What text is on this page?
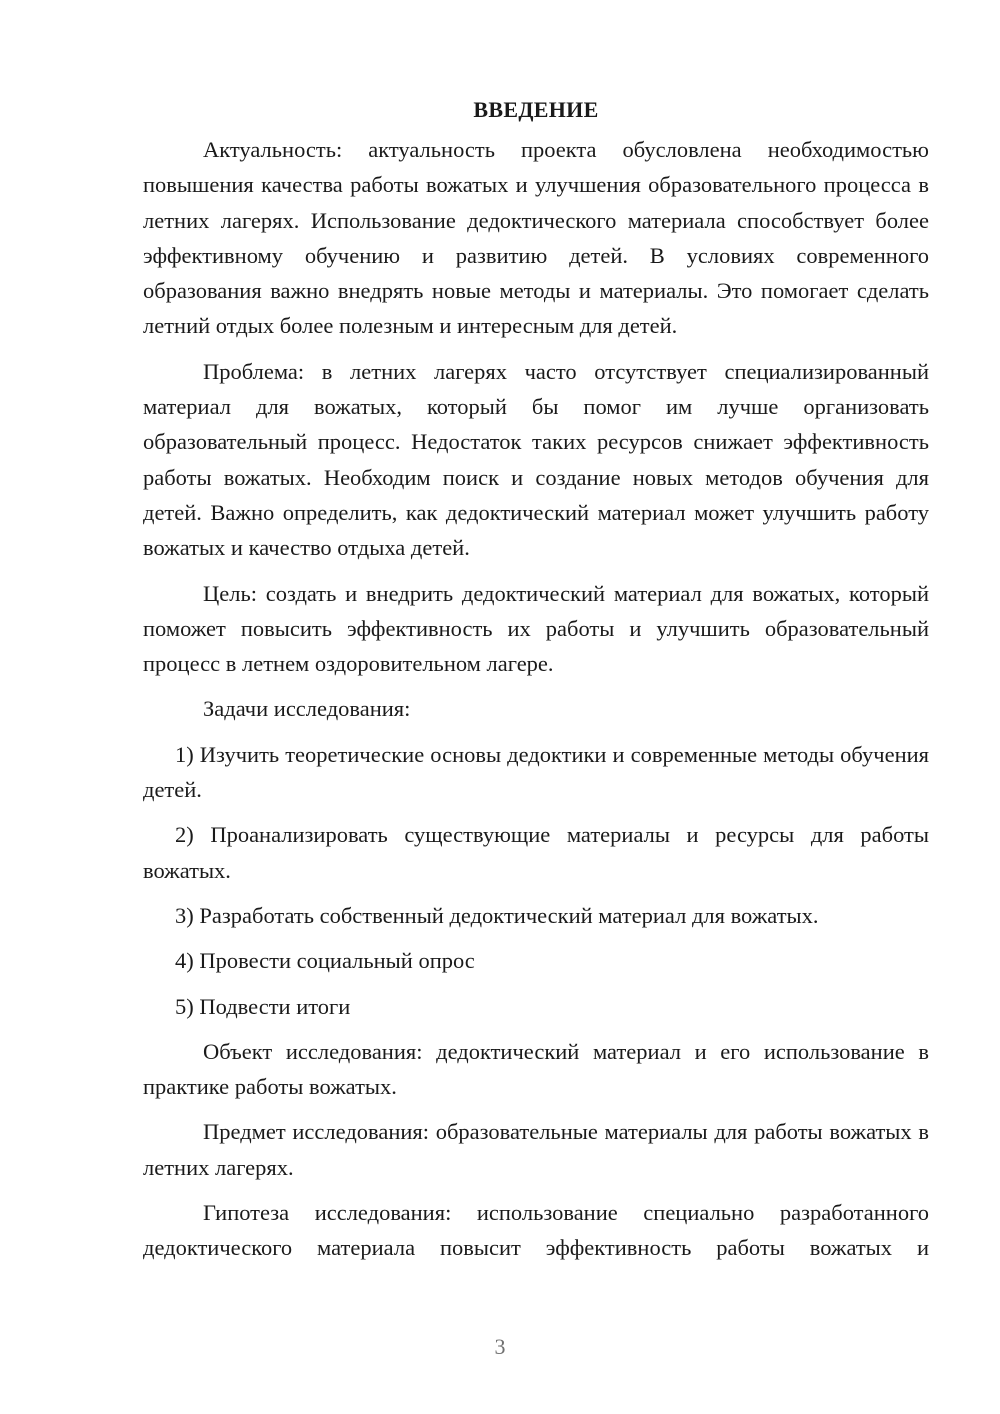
ВВЕДЕНИЕ

Актуальность: актуальность проекта обусловлена необходимостью повышения качества работы вожатых и улучшения образовательного процесса в летних лагерях. Использование дедоктического материала способствует более эффективному обучению и развитию детей. В условиях современного образования важно внедрять новые методы и материалы. Это помогает сделать летний отдых более полезным и интересным для детей.

Проблема: в летних лагерях часто отсутствует специализированный материал для вожатых, который бы помог им лучше организовать образовательный процесс. Недостаток таких ресурсов снижает эффективность работы вожатых. Необходим поиск и создание новых методов обучения для детей. Важно определить, как дедоктический материал может улучшить работу вожатых и качество отдыха детей.

Цель: создать и внедрить дедоктический материал для вожатых, который поможет повысить эффективность их работы и улучшить образовательный процесс в летнем оздоровительном лагере.

Задачи исследования:

1) Изучить теоретические основы дедоктики и современные методы обучения детей.

2) Проанализировать существующие материалы и ресурсы для работы вожатых.

3) Разработать собственный дедоктический материал для вожатых.

4) Провести социальный опрос

5) Подвести итоги

Объект исследования: дедоктический материал и его использование в практике работы вожатых.

Предмет исследования: образовательные материалы для работы вожатых в летних лагерях.

Гипотеза исследования: использование специально разработанного дедоктического материала повысит эффективность работы вожатых и

3
